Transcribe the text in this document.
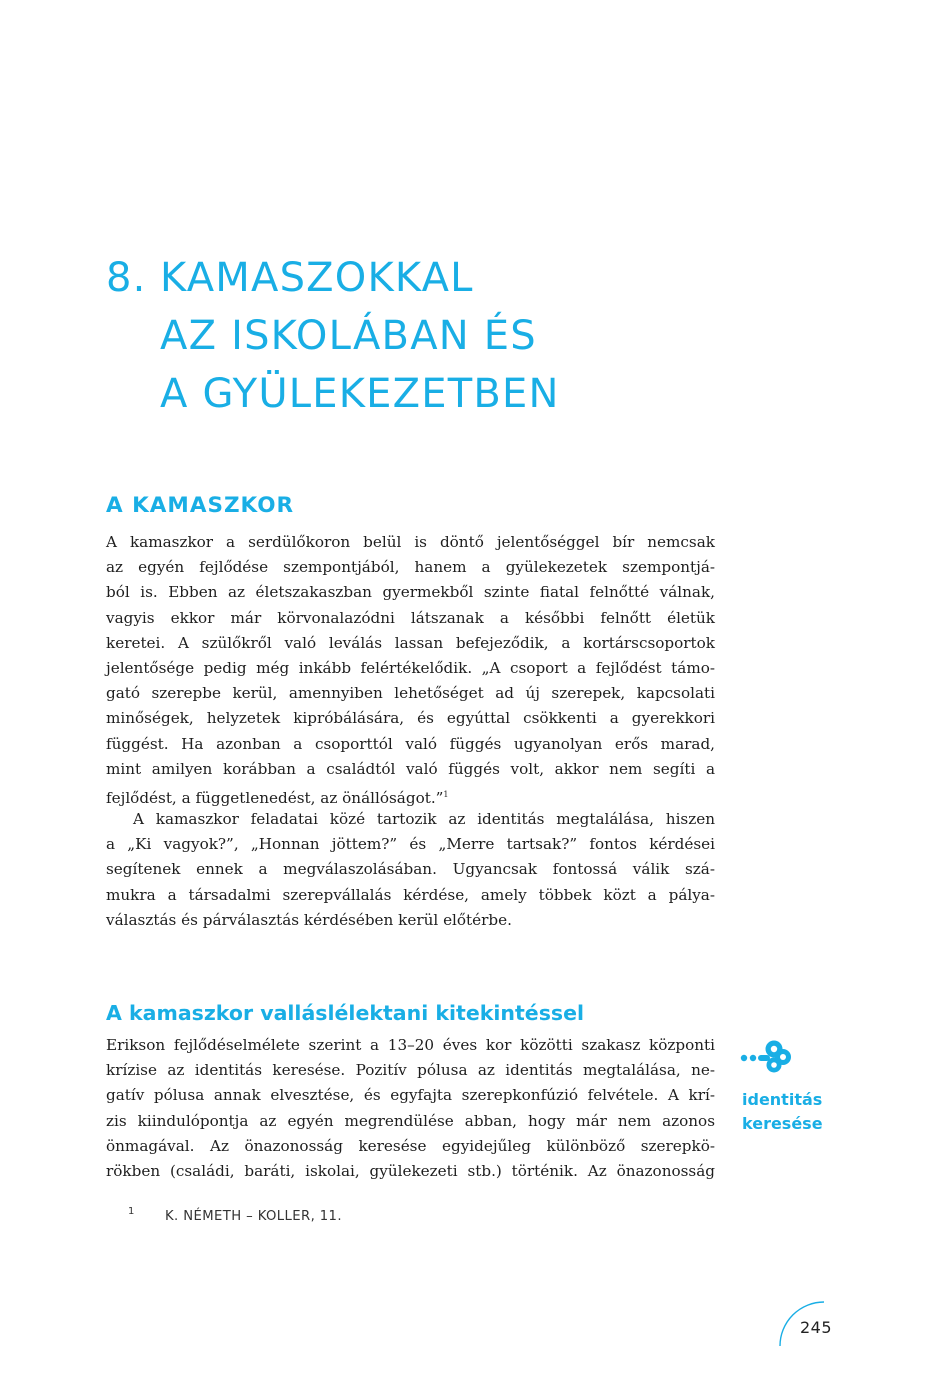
8. KAMASZOKKAL
AZ ISKOLÁBAN ÉS
A GYÜLEKEZETBEN
A KAMASZKOR
A kamaszkor a serdülőkoron belül is döntő jelentőséggel bír nemcsak
az egyén fejlődése szempontjából, hanem a gyülekezetek szempontjá-
ból is. Ebben az életszakaszban gyermekből szinte fiatal felnőtté válnak,
vagyis ekkor már körvonalazódni látszanak a későbbi felnőtt életük
keretei. A szülőkről való leválás lassan befejeződik, a kortárscsoportok
jelentősége pedig még inkább felértékelődik. „A csoport a fejlődést támo-
gató szerepbe kerül, amennyiben lehetőséget ad új szerepek, kapcsolati
minőségek, helyzetek kipróbálására, és egyúttal csökkenti a gyerekkori
függést. Ha azonban a csoporttól való függés ugyanolyan erős marad,
mint amilyen korábban a családtól való függés volt, akkor nem segíti a
fejlődést, a függetlenedést, az önállóságot.”$^1$
A kamaszkor feladatai közé tartozik az identitás megtalálása, hiszen
a „Ki vagyok?”, „Honnan jöttem?” és „Merre tartsak?” fontos kérdései
segítenek ennek a megválaszolásában. Ugyancsak fontossá válik szá-
mukra a társadalmi szerepvállalás kérdése, amely többek közt a pálya-
választás és párválasztás kérdésében kerül előtérbe.
A kamaszkor valláslélektani kitekintéssel
Erikson fejlődéselmélete szerint a 13–20 éves kor közötti szakasz központi
krízise az identitás keresése. Pozitív pólusa az identitás megtalálása, ne-
gatív pólusa annak elvesztése, és egyfajta szerepkonfúzió felvétele. A krí-
zis kiindulópontja az egyén megrendülése abban, hogy már nem azonos
önmagával. Az önazonosság keresése egyidejűleg különböző szerepkö-
rökben (családi, baráti, iskolai, gyülekezeti stb.) történik. Az önazonosság
identitás
keresése
1 K. NÉMETH – KOLLER, 11.
245
